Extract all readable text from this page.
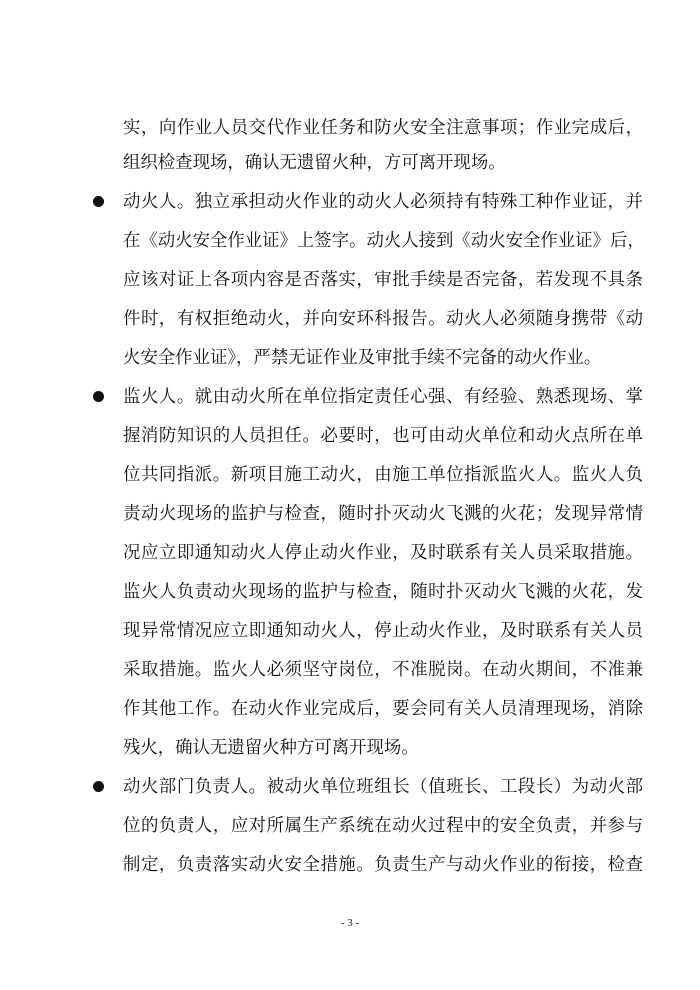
实，向作业人员交代作业任务和防火安全注意事项；作业完成后，
组织检查现场，确认无遗留火种，方可离开现场。
动火人。独立承担动火作业的动火人必须持有特殊工种作业证，并
在《动火安全作业证》上签字。动火人接到《动火安全作业证》后，
应该对证上各项内容是否落实，审批手续是否完备，若发现不具条
件时，有权拒绝动火，并向安环科报告。动火人必须随身携带《动
火安全作业证》，严禁无证作业及审批手续不完备的动火作业。
监火人。就由动火所在单位指定责任心强、有经验、熟悉现场、掌
握消防知识的人员担任。必要时，也可由动火单位和动火点所在单
位共同指派。新项目施工动火，由施工单位指派监火人。监火人负
责动火现场的监护与检查，随时扑灭动火飞溅的火花；发现异常情
况应立即通知动火人停止动火作业，及时联系有关人员采取措施。
监火人负责动火现场的监护与检查，随时扑灭动火飞溅的火花，发
现异常情况应立即通知动火人，停止动火作业，及时联系有关人员
采取措施。监火人必须坚守岗位，不准脱岗。在动火期间，不准兼
作其他工作。在动火作业完成后，要会同有关人员清理现场，消除
残火，确认无遗留火种方可离开现场。
动火部门负责人。被动火单位班组长（值班长、工段长）为动火部
位的负责人，应对所属生产系统在动火过程中的安全负责，并参与
制定，负责落实动火安全措施。负责生产与动火作业的衔接，检查
- 3 -
